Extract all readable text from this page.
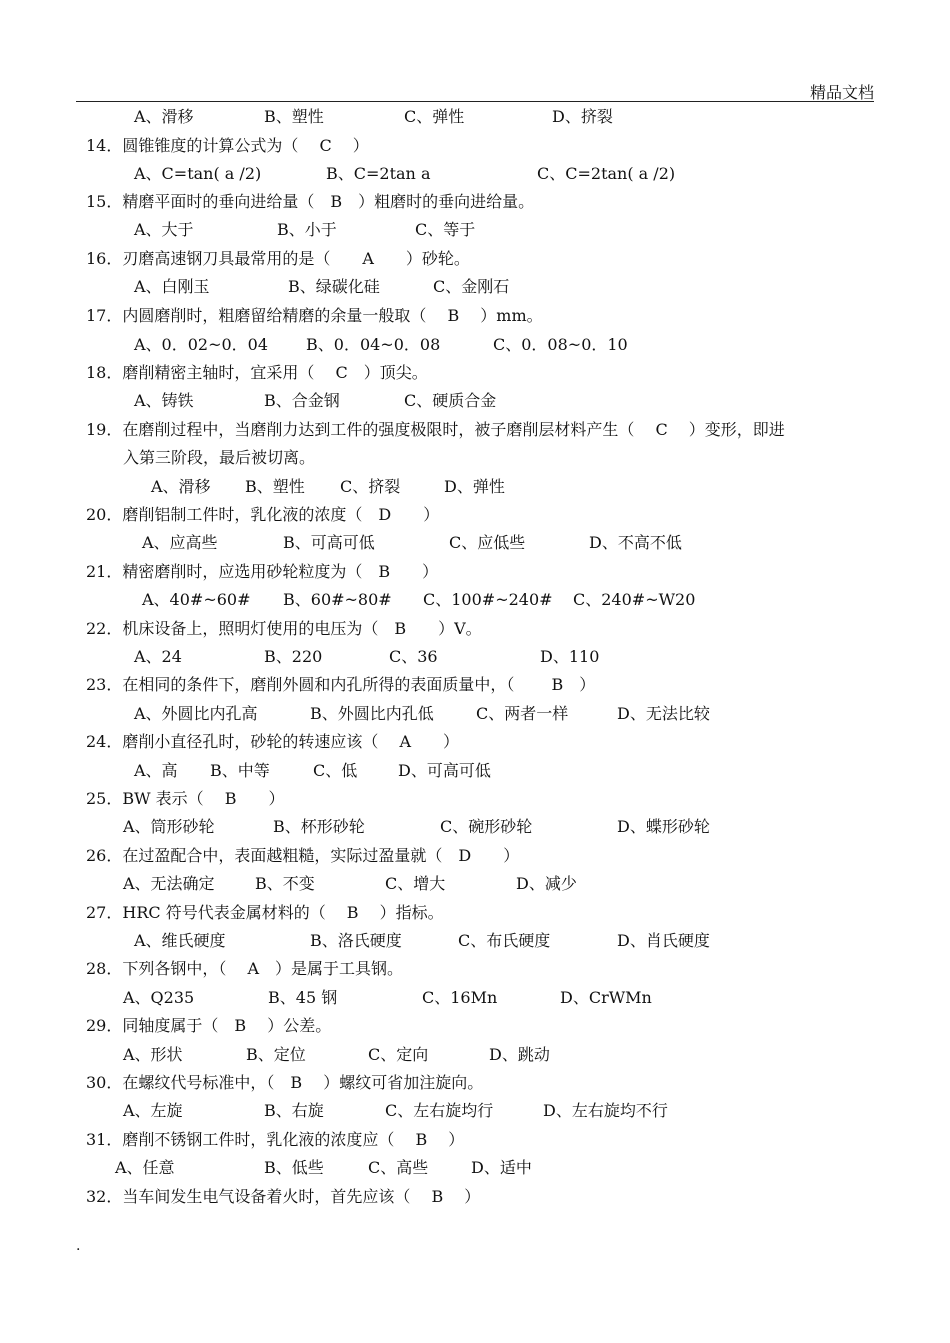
精品文档
A、滑移	B、塑性	C、弹性	D、挤裂
14．圆锥锥度的计算公式为（　 C　 ）
A、C=tan( a /2)	B、C=2tan a	C、C=2tan( a /2)
15．精磨平面时的垂向进给量（　B　）粗磨时的垂向进给量。
A、大于	B、小于	C、等于
16．刃磨高速钢刀具最常用的是（　　A　　）砂轮。
A、白刚玉	B、绿碳化硅	C、金刚石
17．内圆磨削时，粗磨留给精磨的余量一般取（　 B　 ）mm。
A、0．02~0．04 B、0．04~0．08	C、0．08~0．10
18．磨削精密主轴时，宜采用（　 C　）顶尖。
A、铸铁	B、合金钢	C、硬质合金
19．在磨削过程中，当磨削力达到工件的强度极限时，被子磨削层材料产生（　 C　 ）变形，即进
入第三阶段，最后被切离。
A、滑移 B、塑性 C、挤裂	D、弹性
20．磨削铝制工件时，乳化液的浓度（　D　　）
A、应高些	B、可高可低	C、应低些	D、不高不低
21．精密磨削时，应选用砂轮粒度为（　B　　）
A、40#~60# B、60#~80# C、100#~240# C、240#~W20
22．机床设备上，照明灯使用的电压为（　B　　）V。
A、24	B、220	C、36	D、110
23．在相同的条件下，磨削外圆和内孔所得的表面质量中，（　　 B　）
A、外圆比内孔高	B、外圆比内孔低	C、两者一样	D、无法比较
24．磨削小直径孔时，砂轮的转速应该（　 A　　）
A、高 B、中等	C、低	D、可高可低
25．BW 表示（　 B　　）
A、筒形砂轮	B、杯形砂轮	C、碗形砂轮	D、蝶形砂轮
26．在过盈配合中，表面越粗糙，实际过盈量就（　D　　）
A、无法确定	B、不变	C、增大	D、减少
27．HRC 符号代表金属材料的（　 B　 ）指标。
A、维氏硬度	B、洛氏硬度	C、布氏硬度	D、肖氏硬度
28．下列各钢中，（　 A　）是属于工具钢。
A、Q235	B、45 钢	C、16Mn	D、CrWMn
29．同轴度属于（　B　 ）公差。
A、形状	B、定位	C、定向	D、跳动
30．在螺纹代号标准中，（　B　 ）螺纹可省加注旋向。
A、左旋	B、右旋	C、左右旋均行	D、左右旋均不行
31．磨削不锈钢工件时，乳化液的浓度应（　 B　 ）
A、任意	B、低些	C、高些	D、适中
32．当车间发生电气设备着火时，首先应该（　 B　 ）
.
